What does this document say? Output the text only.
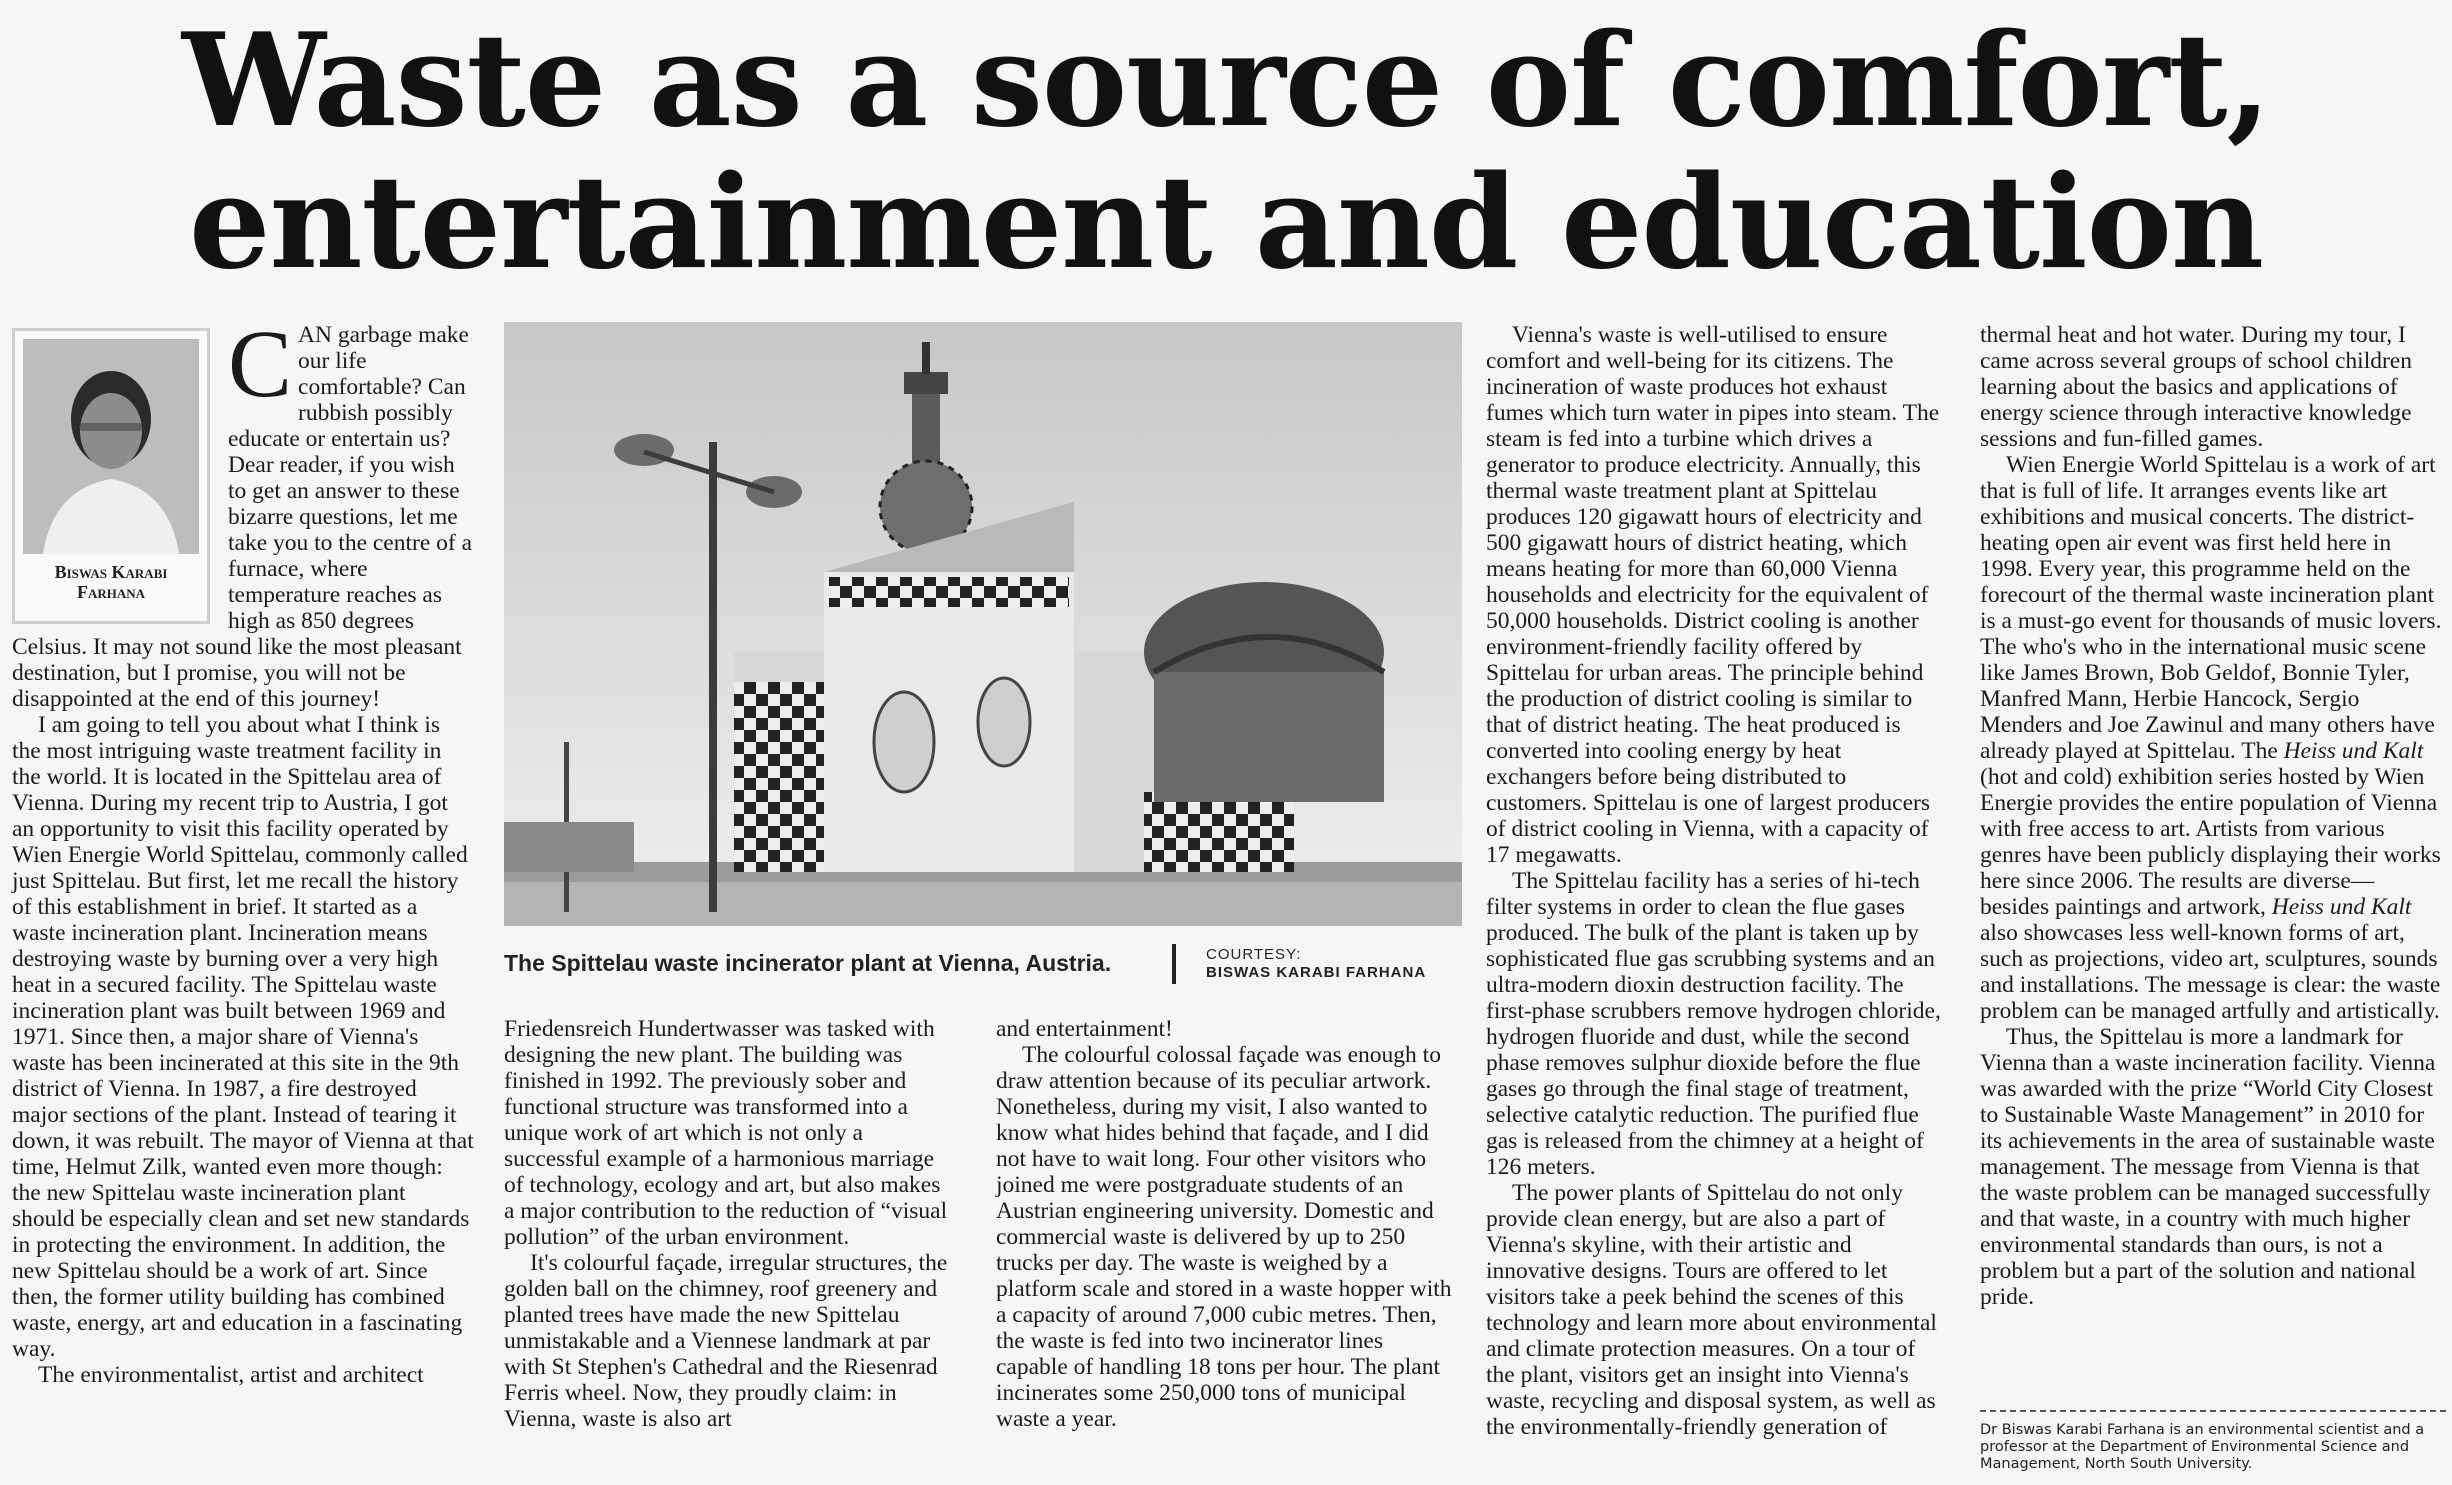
Waste as a source of comfort,
entertainment and education
Biswas Karabi
Farhana

CAN garbage make our life comfortable? Can rubbish possibly educate or entertain us? Dear reader, if you wish to get an answer to these bizarre questions, let me take you to the centre of a furnace, where temperature reaches as high as 850 degrees Celsius. It may not sound like the most pleasant destination, but I promise, you will not be disappointed at the end of this journey!

I am going to tell you about what I think is the most intriguing waste treatment facility in the world. It is located in the Spittelau area of Vienna. During my recent trip to Austria, I got an opportunity to visit this facility operated by Wien Energie World Spittelau, commonly called just Spittelau. But first, let me recall the history of this establishment in brief. It started as a waste incineration plant. Incineration means destroying waste by burning over a very high heat in a secured facility. The Spittelau waste incineration plant was built between 1969 and 1971. Since then, a major share of Vienna's waste has been incinerated at this site in the 9th district of Vienna. In 1987, a fire destroyed major sections of the plant. Instead of tearing it down, it was rebuilt. The mayor of Vienna at that time, Helmut Zilk, wanted even more though: the new Spittelau waste incineration plant should be especially clean and set new standards in protecting the environment. In addition, the new Spittelau should be a work of art. Since then, the former utility building has combined waste, energy, art and education in a fascinating way.

The environmentalist, artist and architect

The Spittelau waste incinerator plant at Vienna, Austria.	COURTESY:
BISWAS KARABI FARHANA

Friedensreich Hundertwasser was tasked with designing the new plant. The building was finished in 1992. The previously sober and functional structure was transformed into a unique work of art which is not only a successful example of a harmonious marriage of technology, ecology and art, but also makes a major contribution to the reduction of “visual pollution” of the urban environment.

It's colourful façade, irregular structures, the golden ball on the chimney, roof greenery and planted trees have made the new Spittelau unmistakable and a Viennese landmark at par with St Stephen's Cathedral and the Riesenrad Ferris wheel. Now, they proudly claim: in Vienna, waste is also art

and entertainment!

The colourful colossal façade was enough to draw attention because of its peculiar artwork. Nonetheless, during my visit, I also wanted to know what hides behind that façade, and I did not have to wait long. Four other visitors who joined me were postgraduate students of an Austrian engineering university. Domestic and commercial waste is delivered by up to 250 trucks per day. The waste is weighed by a platform scale and stored in a waste hopper with a capacity of around 7,000 cubic metres. Then, the waste is fed into two incinerator lines capable of handling 18 tons per hour. The plant incinerates some 250,000 tons of municipal waste a year.

Vienna's waste is well-utilised to ensure comfort and well-being for its citizens. The incineration of waste produces hot exhaust fumes which turn water in pipes into steam. The steam is fed into a turbine which drives a generator to produce electricity. Annually, this thermal waste treatment plant at Spittelau produces 120 gigawatt hours of electricity and 500 gigawatt hours of district heating, which means heating for more than 60,000 Vienna households and electricity for the equivalent of 50,000 households. District cooling is another environment-friendly facility offered by Spittelau for urban areas. The principle behind the production of district cooling is similar to that of district heating. The heat produced is converted into cooling energy by heat exchangers before being distributed to customers. Spittelau is one of largest producers of district cooling in Vienna, with a capacity of 17 megawatts.

The Spittelau facility has a series of hi-tech filter systems in order to clean the flue gases produced. The bulk of the plant is taken up by sophisticated flue gas scrubbing systems and an ultra-modern dioxin destruction facility. The first-phase scrubbers remove hydrogen chloride, hydrogen fluoride and dust, while the second phase removes sulphur dioxide before the flue gases go through the final stage of treatment, selective catalytic reduction. The purified flue gas is released from the chimney at a height of 126 meters.

The power plants of Spittelau do not only provide clean energy, but are also a part of Vienna's skyline, with their artistic and innovative designs. Tours are offered to let visitors take a peek behind the scenes of this technology and learn more about environmental and climate protection measures. On a tour of the plant, visitors get an insight into Vienna's waste, recycling and disposal system, as well as the environmentally-friendly generation of

thermal heat and hot water. During my tour, I came across several groups of school children learning about the basics and applications of energy science through interactive knowledge sessions and fun-filled games.

Wien Energie World Spittelau is a work of art that is full of life. It arranges events like art exhibitions and musical concerts. The district-heating open air event was first held here in 1998. Every year, this programme held on the forecourt of the thermal waste incineration plant is a must-go event for thousands of music lovers. The who's who in the international music scene like James Brown, Bob Geldof, Bonnie Tyler, Manfred Mann, Herbie Hancock, Sergio Menders and Joe Zawinul and many others have already played at Spittelau. The Heiss und Kalt (hot and cold) exhibition series hosted by Wien Energie provides the entire population of Vienna with free access to art. Artists from various genres have been publicly displaying their works here since 2006. The results are diverse—besides paintings and artwork, Heiss und Kalt also showcases less well-known forms of art, such as projections, video art, sculptures, sounds and installations. The message is clear: the waste problem can be managed artfully and artistically.

Thus, the Spittelau is more a landmark for Vienna than a waste incineration facility. Vienna was awarded with the prize “World City Closest to Sustainable Waste Management” in 2010 for its achievements in the area of sustainable waste management. The message from Vienna is that the waste problem can be managed successfully and that waste, in a country with much higher environmental standards than ours, is not a problem but a part of the solution and national pride.

Dr Biswas Karabi Farhana is an environmental scientist and a professor at the Department of Environmental Science and Management, North South University.
